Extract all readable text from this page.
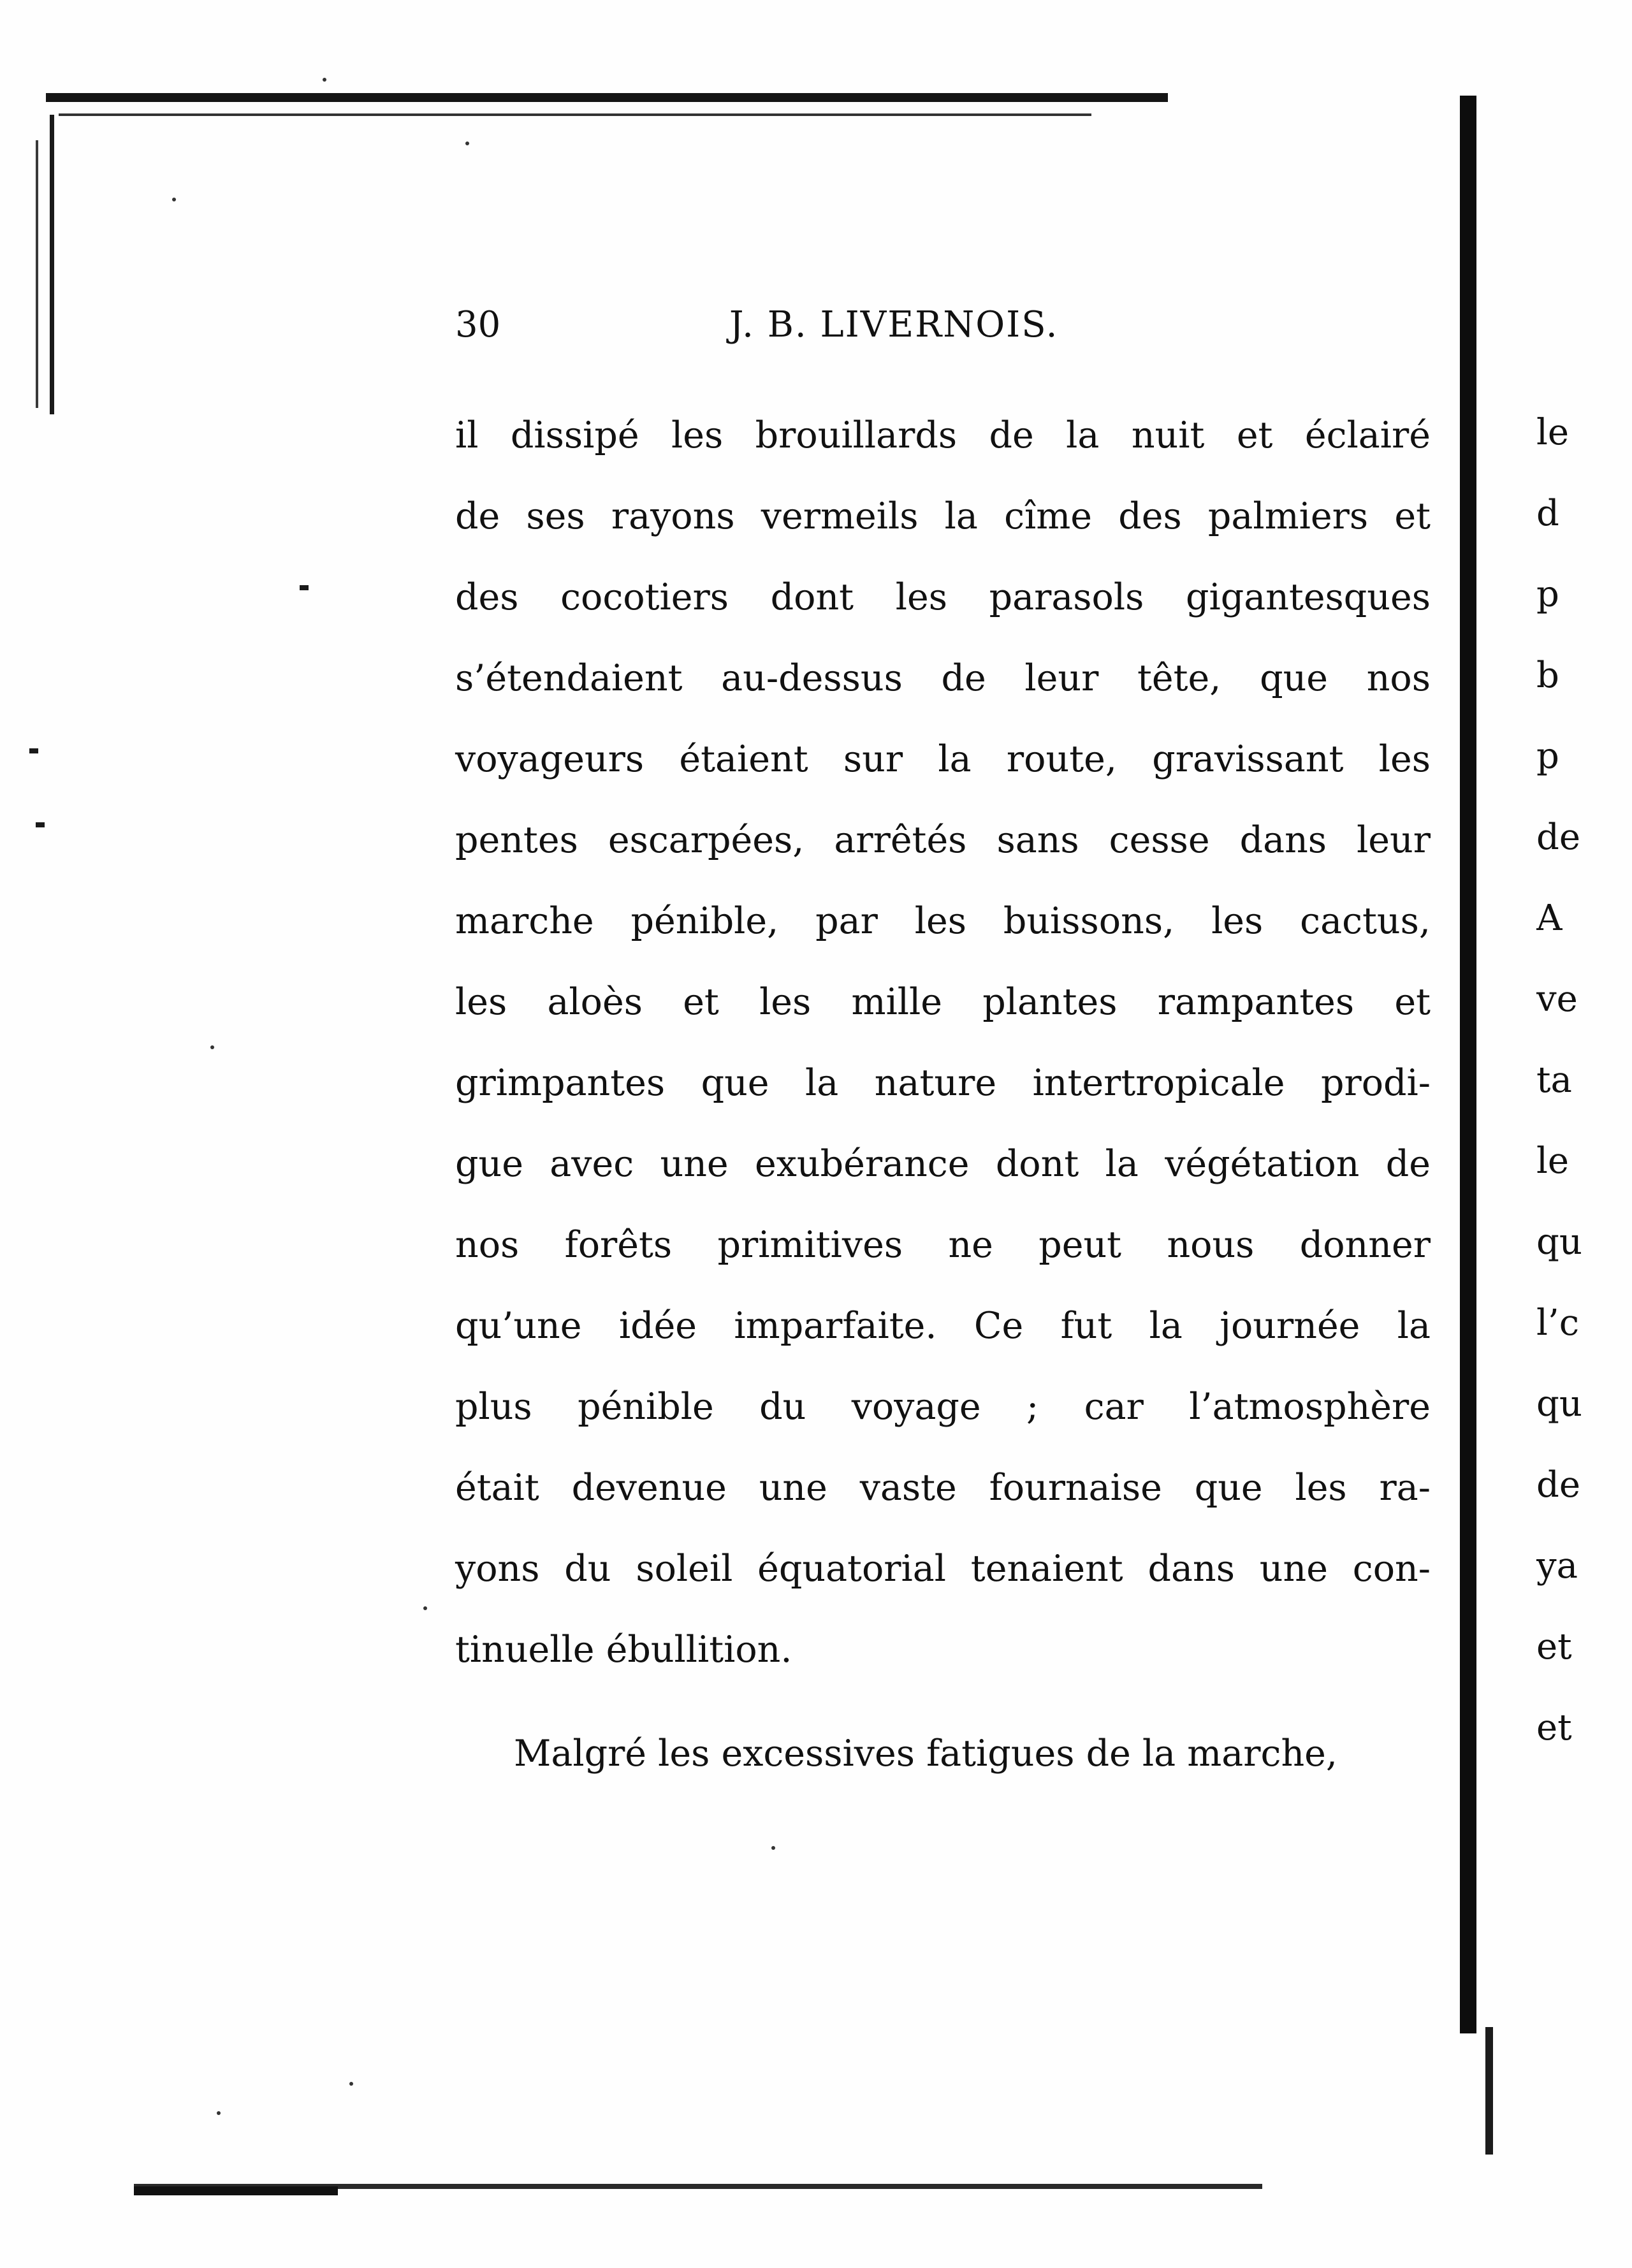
30	J. B. LIVERNOIS.
il dissipé les brouillards de la nuit et éclairé
de ses rayons vermeils la cîme des palmiers et
des cocotiers dont les parasols gigantesques
s’étendaient au-dessus de leur tête, que nos
voyageurs étaient sur la route, gravissant les
pentes escarpées, arrêtés sans cesse dans leur
marche pénible, par les buissons, les cactus,
les aloès et les mille plantes rampantes et
grimpantes que la nature intertropicale prodi-
gue avec une exubérance dont la végétation de
nos forêts primitives ne peut nous donner
qu’une idée imparfaite. Ce fut la journée la
plus pénible du voyage ; car l’atmosphère
était devenue une vaste fournaise que les ra-
yons du soleil équatorial tenaient dans une con-
tinuelle ébullition.
Malgré les excessives fatigues de la marche,
le
d
p
b
p
de
A
ve
ta
le
qu
l’c
qu
de
ya
et
et
